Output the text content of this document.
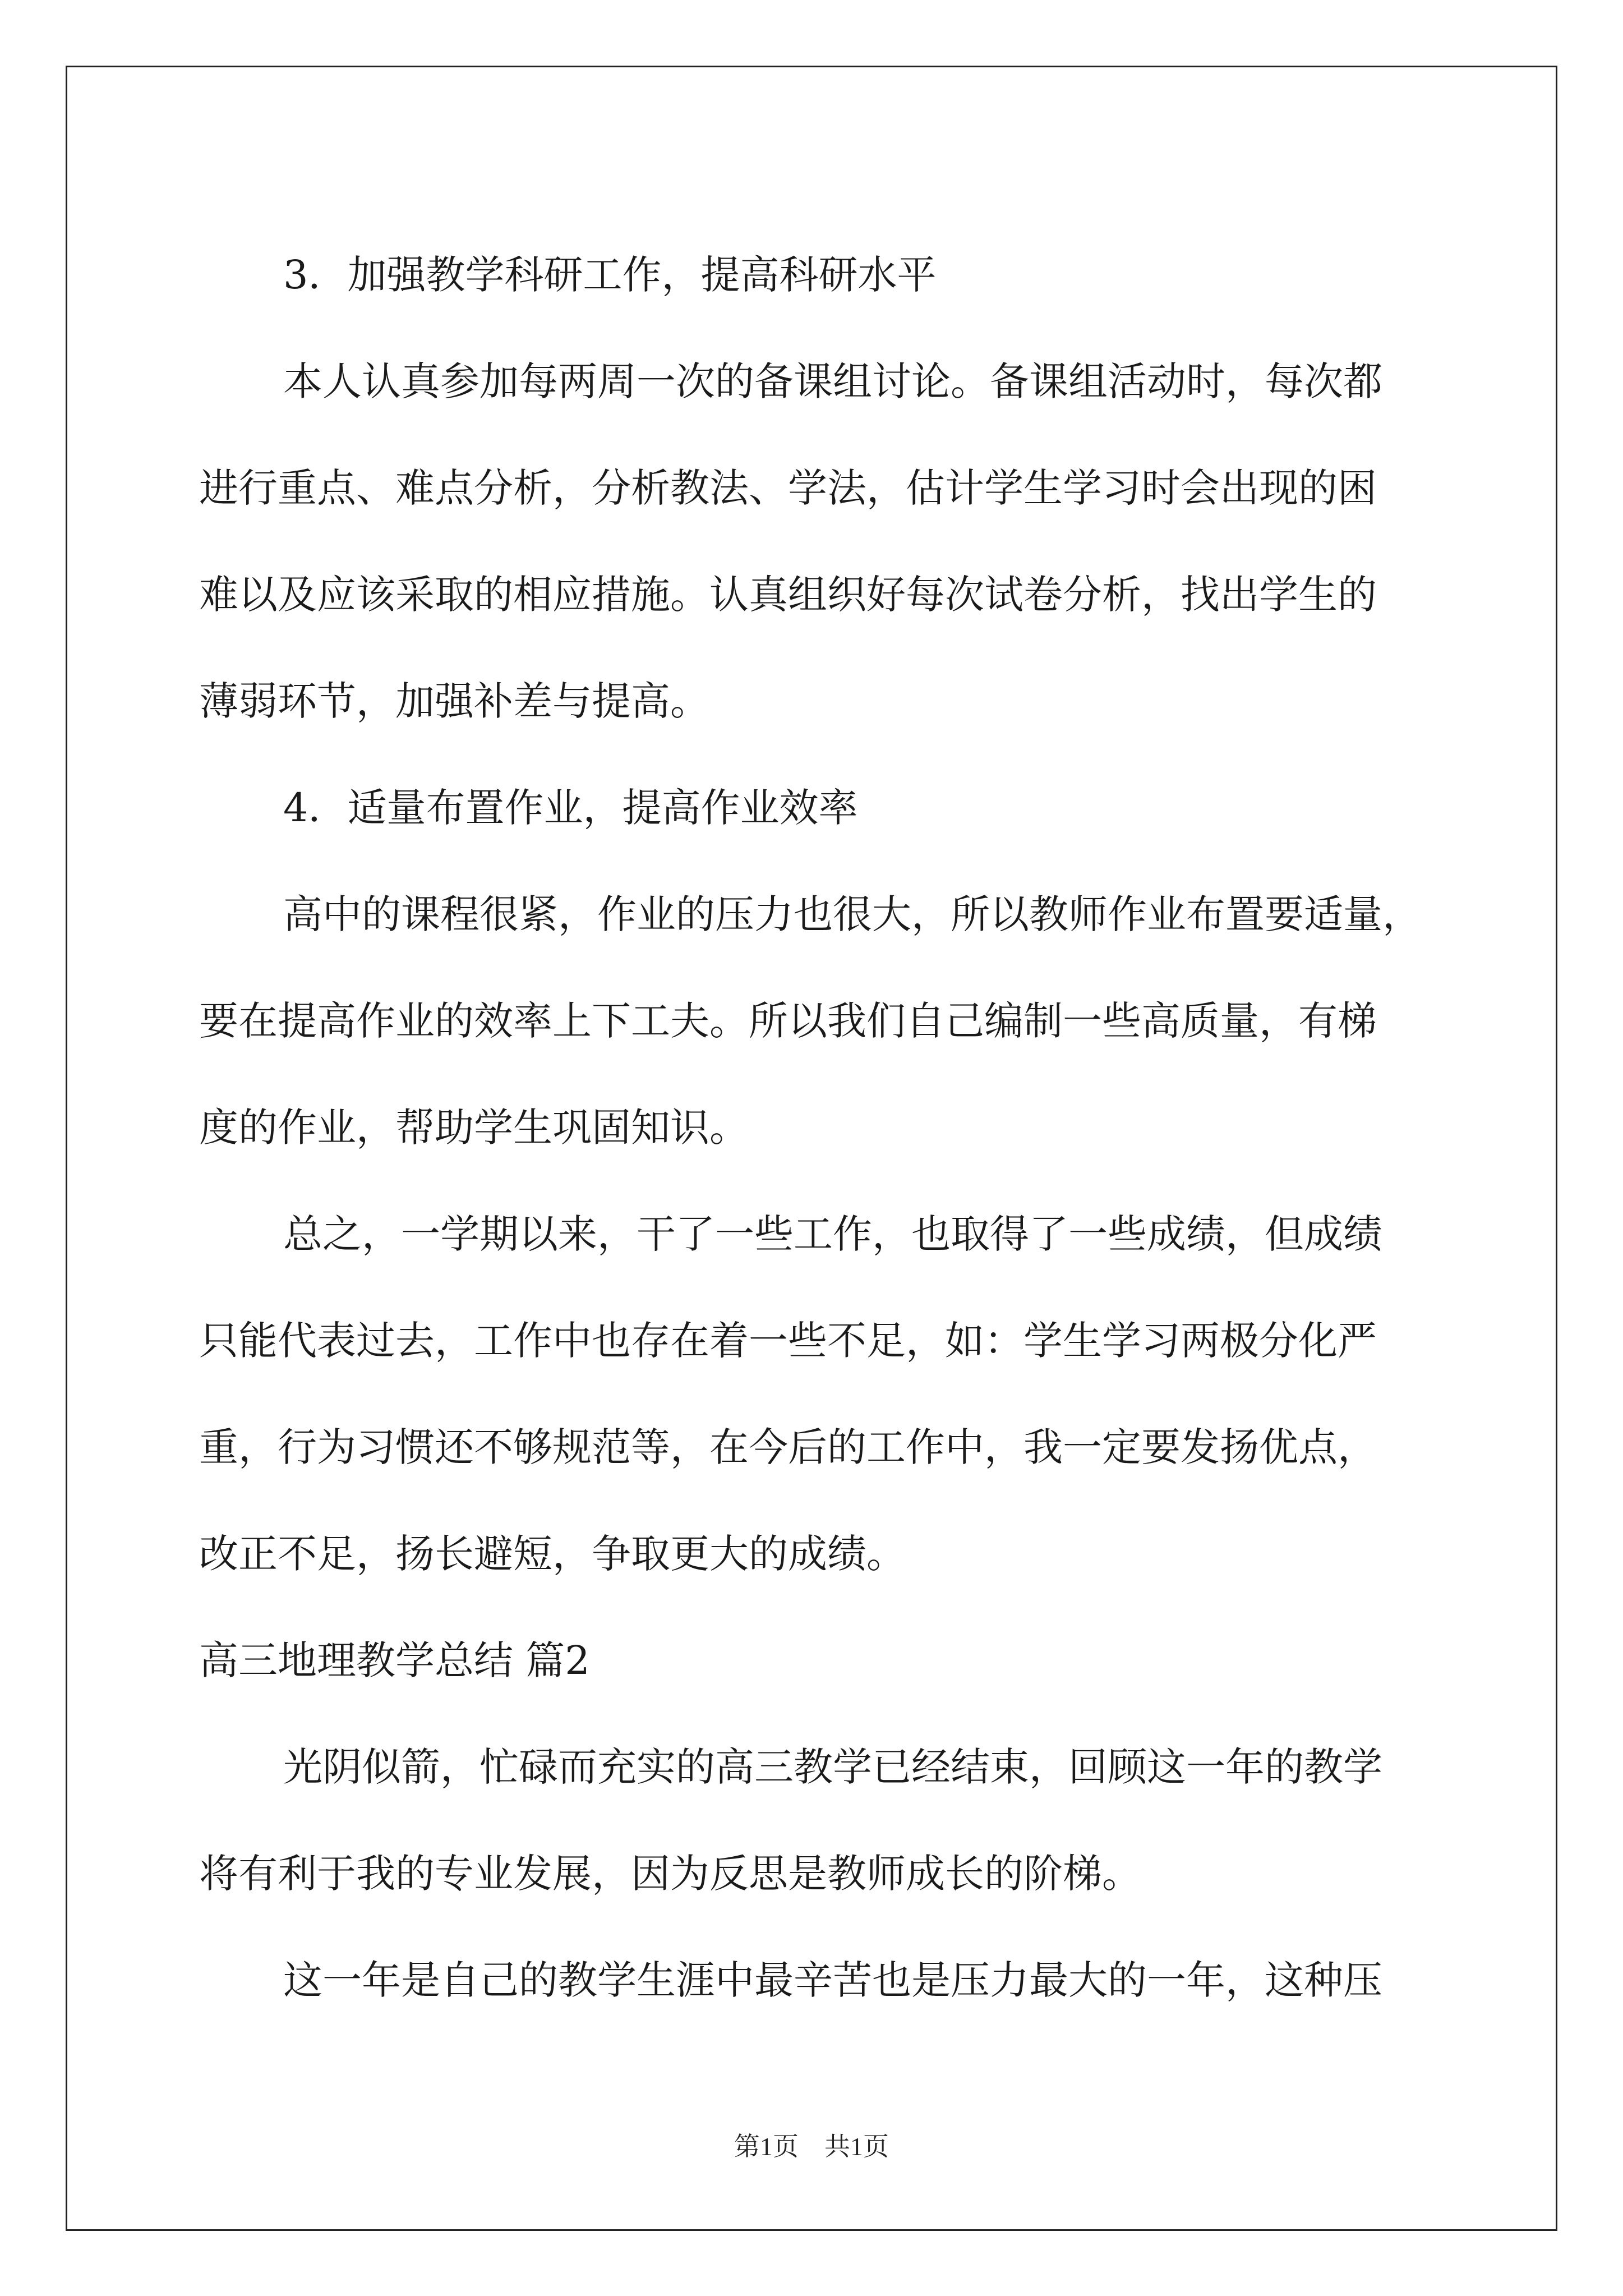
3．加强教学科研工作，提高科研水平
本人认真参加每两周一次的备课组讨论。备课组活动时，每次都
进行重点、难点分析，分析教法、学法，估计学生学习时会出现的困
难以及应该采取的相应措施。认真组织好每次试卷分析，找出学生的
薄弱环节，加强补差与提高。
4．适量布置作业，提高作业效率
高中的课程很紧，作业的压力也很大，所以教师作业布置要适量，
要在提高作业的效率上下工夫。所以我们自己编制一些高质量，有梯
度的作业，帮助学生巩固知识。
总之，一学期以来，干了一些工作，也取得了一些成绩，但成绩
只能代表过去，工作中也存在着一些不足，如：学生学习两极分化严
重，行为习惯还不够规范等，在今后的工作中，我一定要发扬优点，
改正不足，扬长避短，争取更大的成绩。
高三地理教学总结 篇2
光阴似箭，忙碌而充实的高三教学已经结束，回顾这一年的教学
将有利于我的专业发展，因为反思是教师成长的阶梯。
这一年是自己的教学生涯中最辛苦也是压力最大的一年，这种压
第1页　共1页
